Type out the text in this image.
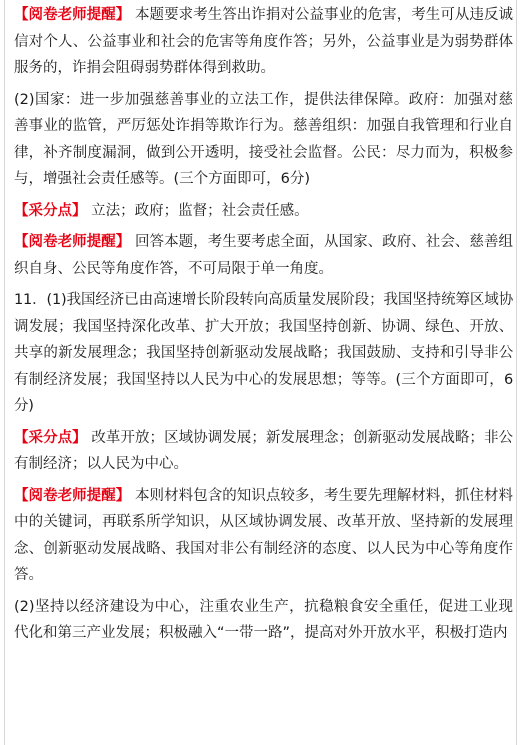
【阅卷老师提醒】 本题要求考生答出诈捐对公益事业的危害，考生可从违反诚信对个人、公益事业和社会的危害等角度作答；另外，公益事业是为弱势群体服务的，诈捐会阻碍弱势群体得到救助。

(2)国家：进一步加强慈善事业的立法工作，提供法律保障。政府：加强对慈善事业的监管，严厉惩处诈捐等欺诈行为。慈善组织：加强自我管理和行业自律，补齐制度漏洞，做到公开透明，接受社会监督。公民：尽力而为，积极参与，增强社会责任感等。(三个方面即可，6分)

【采分点】 立法；政府；监督；社会责任感。

【阅卷老师提醒】 回答本题，考生要考虑全面，从国家、政府、社会、慈善组织自身、公民等角度作答，不可局限于单一角度。

11．(1)我国经济已由高速增长阶段转向高质量发展阶段；我国坚持统筹区域协调发展；我国坚持深化改革、扩大开放；我国坚持创新、协调、绿色、开放、共享的新发展理念；我国坚持创新驱动发展战略；我国鼓励、支持和引导非公有制经济发展；我国坚持以人民为中心的发展思想；等等。(三个方面即可，6分)

【采分点】 改革开放；区域协调发展；新发展理念；创新驱动发展战略；非公有制经济；以人民为中心。

【阅卷老师提醒】 本则材料包含的知识点较多，考生要先理解材料，抓住材料中的关键词，再联系所学知识，从区域协调发展、改革开放、坚持新的发展理念、创新驱动发展战略、我国对非公有制经济的态度、以人民为中心等角度作答。

(2)坚持以经济建设为中心，注重农业生产，抗稳粮食安全重任，促进工业现代化和第三产业发展；积极融入“一带一路”，提高对外开放水平，积极打造内
